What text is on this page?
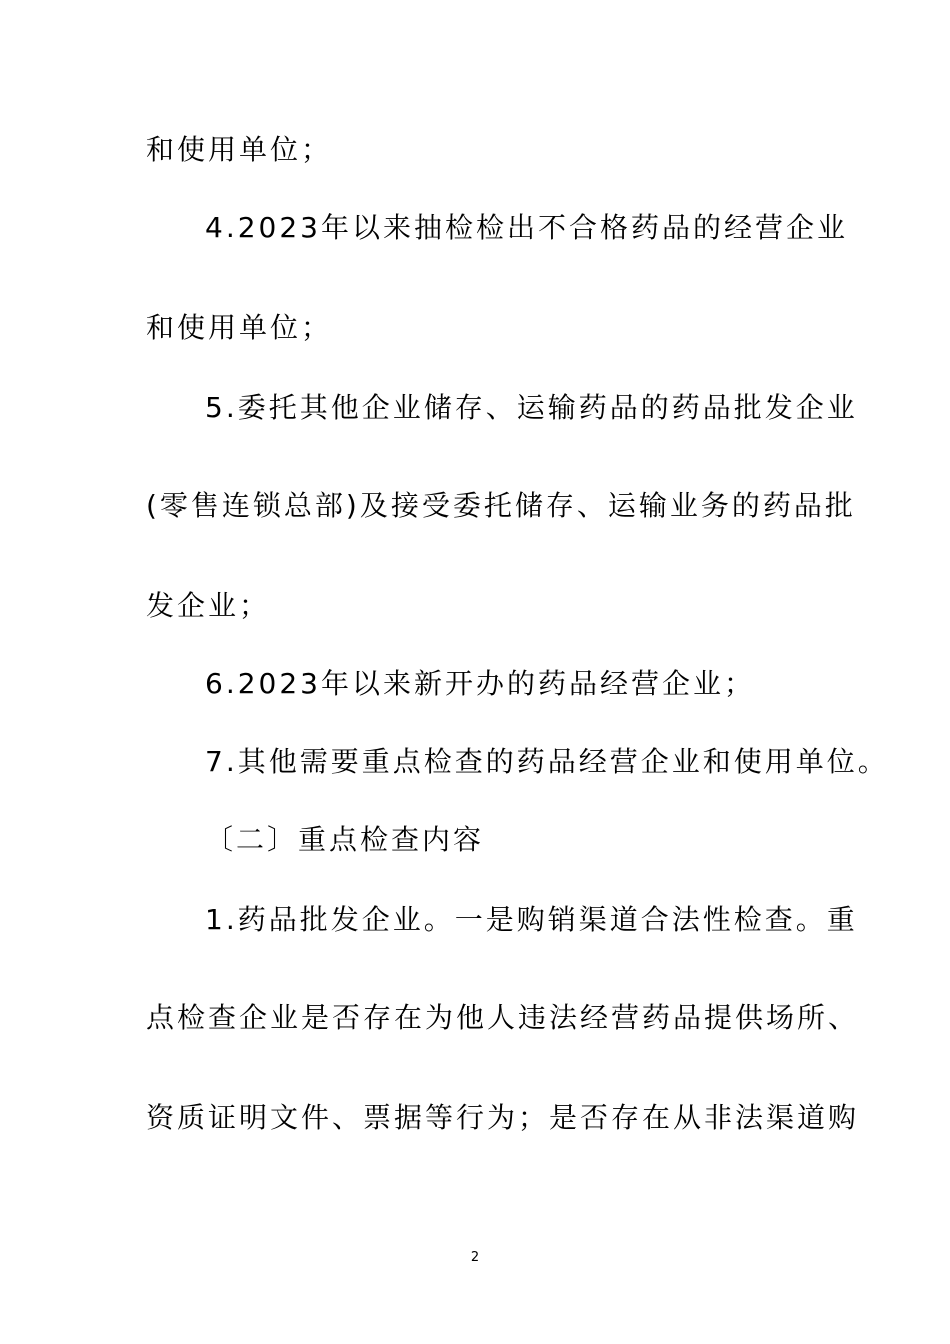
和使用单位；
4.2023年以来抽检检出不合格药品的经营企业
和使用单位；
5.委托其他企业储存、运输药品的药品批发企业
(零售连锁总部)及接受委托储存、运输业务的药品批
发企业；
6.2023年以来新开办的药品经营企业；
7.其他需要重点检查的药品经营企业和使用单位。
〔二〕重点检查内容
1.药品批发企业。一是购销渠道合法性检查。重
点检查企业是否存在为他人违法经营药品提供场所、
资质证明文件、票据等行为；是否存在从非法渠道购
2
